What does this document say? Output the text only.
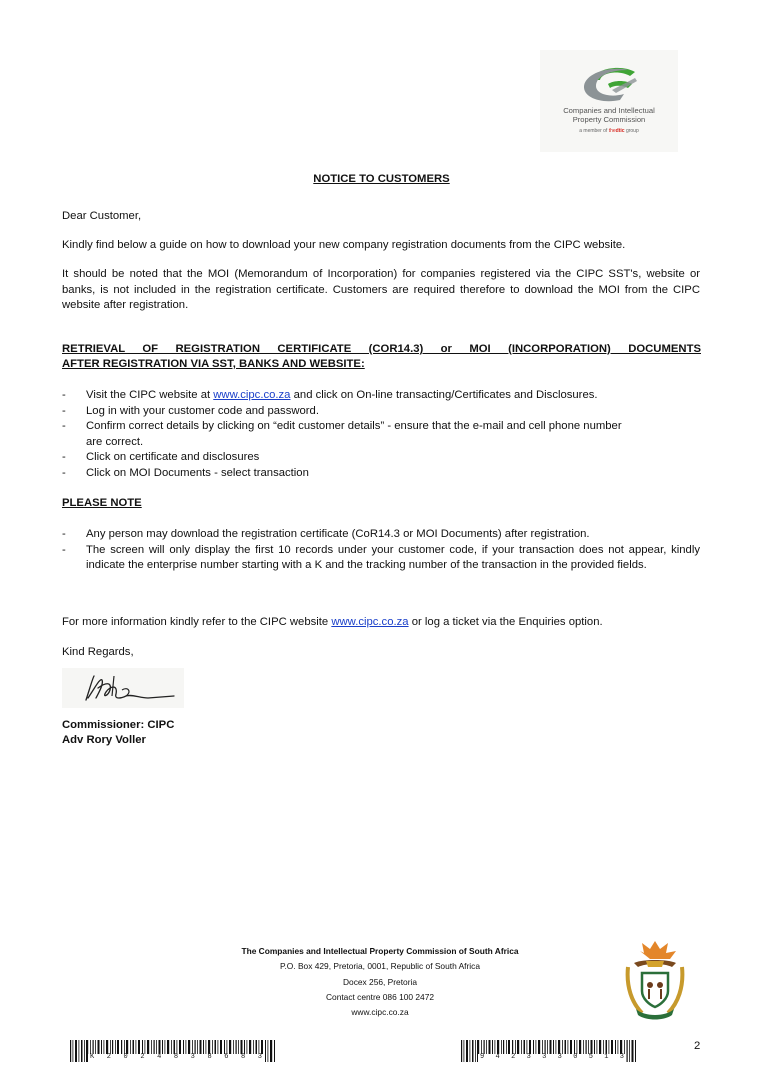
Companies and Intellectual
Property Commission
a member of thedtic group
NOTICE TO CUSTOMERS

Dear Customer,

Kindly find below a guide on how to download your new company registration documents from the CIPC website.

It should be noted that the MOI (Memorandum of Incorporation) for companies registered via the CIPC SST's, website or banks, is not included in the registration certificate. Customers are required therefore to download the MOI from the CIPC website after registration.

RETRIEVAL OF REGISTRATION CERTIFICATE (COR14.3) or MOI (INCORPORATION) DOCUMENTS
AFTER REGISTRATION VIA SST, BANKS AND WEBSITE:
- Visit the CIPC website at www.cipc.co.za and click on On-line transacting/Certificates and Disclosures.
- Log in with your customer code and password.
- Confirm correct details by clicking on “edit customer details” - ensure that the e-mail and cell phone number
are correct.
- Click on certificate and disclosures
- Click on MOI Documents - select transaction
PLEASE NOTE
- Any person may download the registration certificate (CoR14.3 or MOI Documents) after registration.
- The screen will only display the first 10 records under your customer code, if your transaction does not appear, kindly indicate the enterprise number starting with a K and the tracking number of the transaction in the provided fields.

For more information kindly refer to the CIPC website www.cipc.co.za or log a ticket via the Enquiries option.

Kind Regards,

Commissioner: CIPC
Adv Rory Voller
The Companies and Intellectual Property Commission of South Africa
P.O. Box 429, Pretoria, 0001, Republic of South Africa
Docex 256, Pretoria
Contact centre 086 100 2472
www.cipc.co.za
K 2 0 2 4 8 3 8 6 8 3	9 4 2 3 3 3 0 5 1 3
2
